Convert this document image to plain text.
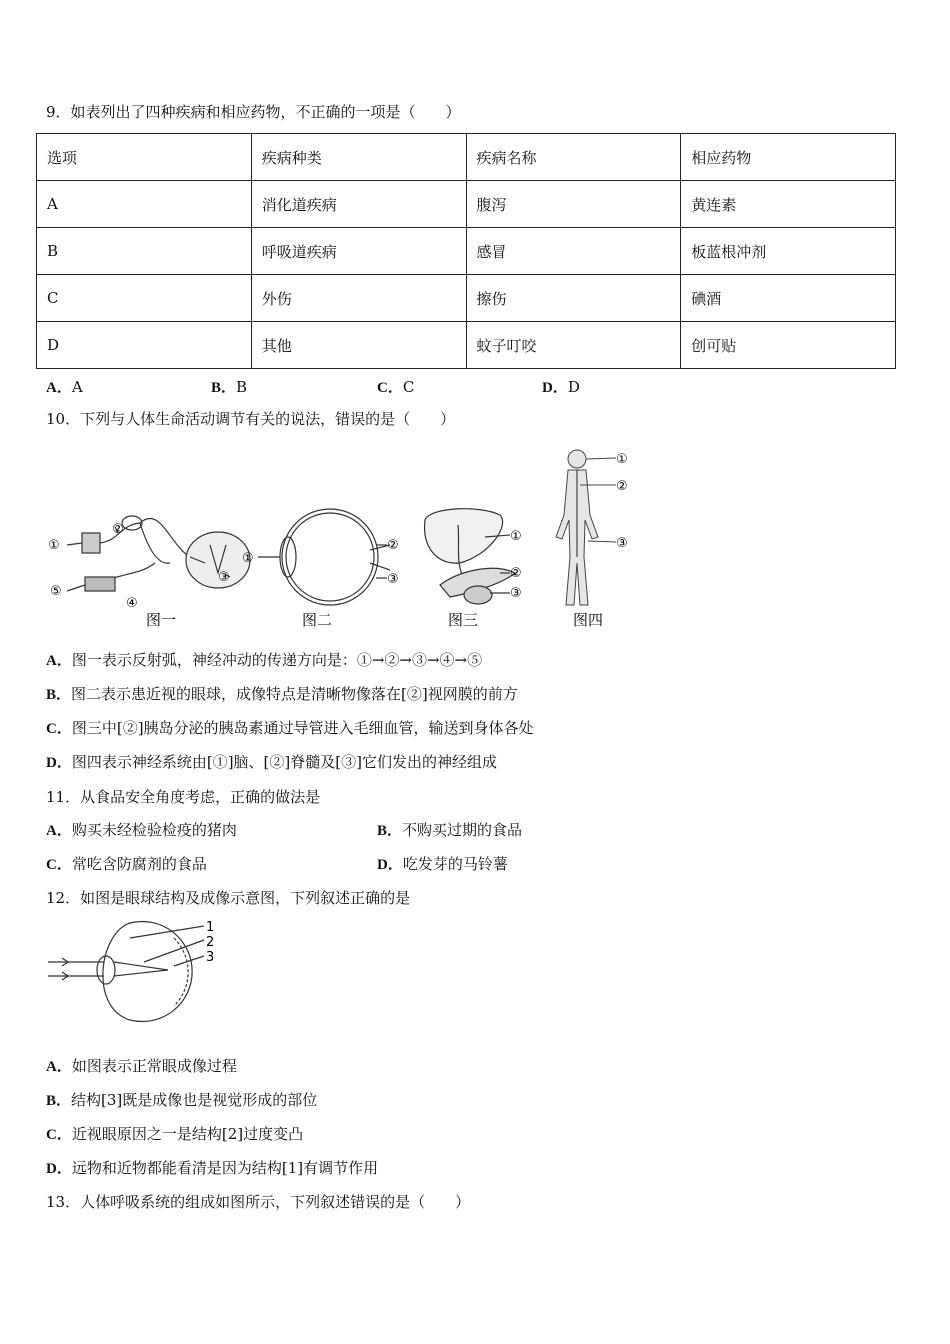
9．如表列出了四种疾病和相应药物，不正确的一项是（　　）
选项	疾病种类	疾病名称	相应药物
A	消化道疾病	腹泻	黄连素
B	呼吸道疾病	感冒	板蓝根冲剂
C	外伤	擦伤	碘酒
D	其他	蚊子叮咬	创可贴
A．A	B．B	C．C	D．D
10．下列与人体生命活动调节有关的说法，错误的是（　　）
①
②
③
④
⑤
图一
①
②
③
图二
①
②
③
图三
①
②
③
图四
A．图一表示反射弧，神经冲动的传递方向是：①→②→③→④→⑤
B．图二表示患近视的眼球，成像特点是清晰物像落在[②]视网膜的前方
C．图三中[②]胰岛分泌的胰岛素通过导管进入毛细血管，输送到身体各处
D．图四表示神经系统由[①]脑、[②]脊髓及[③]它们发出的神经组成
11．从食品安全角度考虑，正确的做法是
A．购买未经检验检疫的猪肉	B．不购买过期的食品
C．常吃含防腐剂的食品	D．吃发芽的马铃薯
12．如图是眼球结构及成像示意图，下列叙述正确的是
1
2
3
A．如图表示正常眼成像过程
B．结构[3]既是成像也是视觉形成的部位
C．近视眼原因之一是结构[2]过度变凸
D．远物和近物都能看清是因为结构[1]有调节作用
13．人体呼吸系统的组成如图所示，下列叙述错误的是（　　）
